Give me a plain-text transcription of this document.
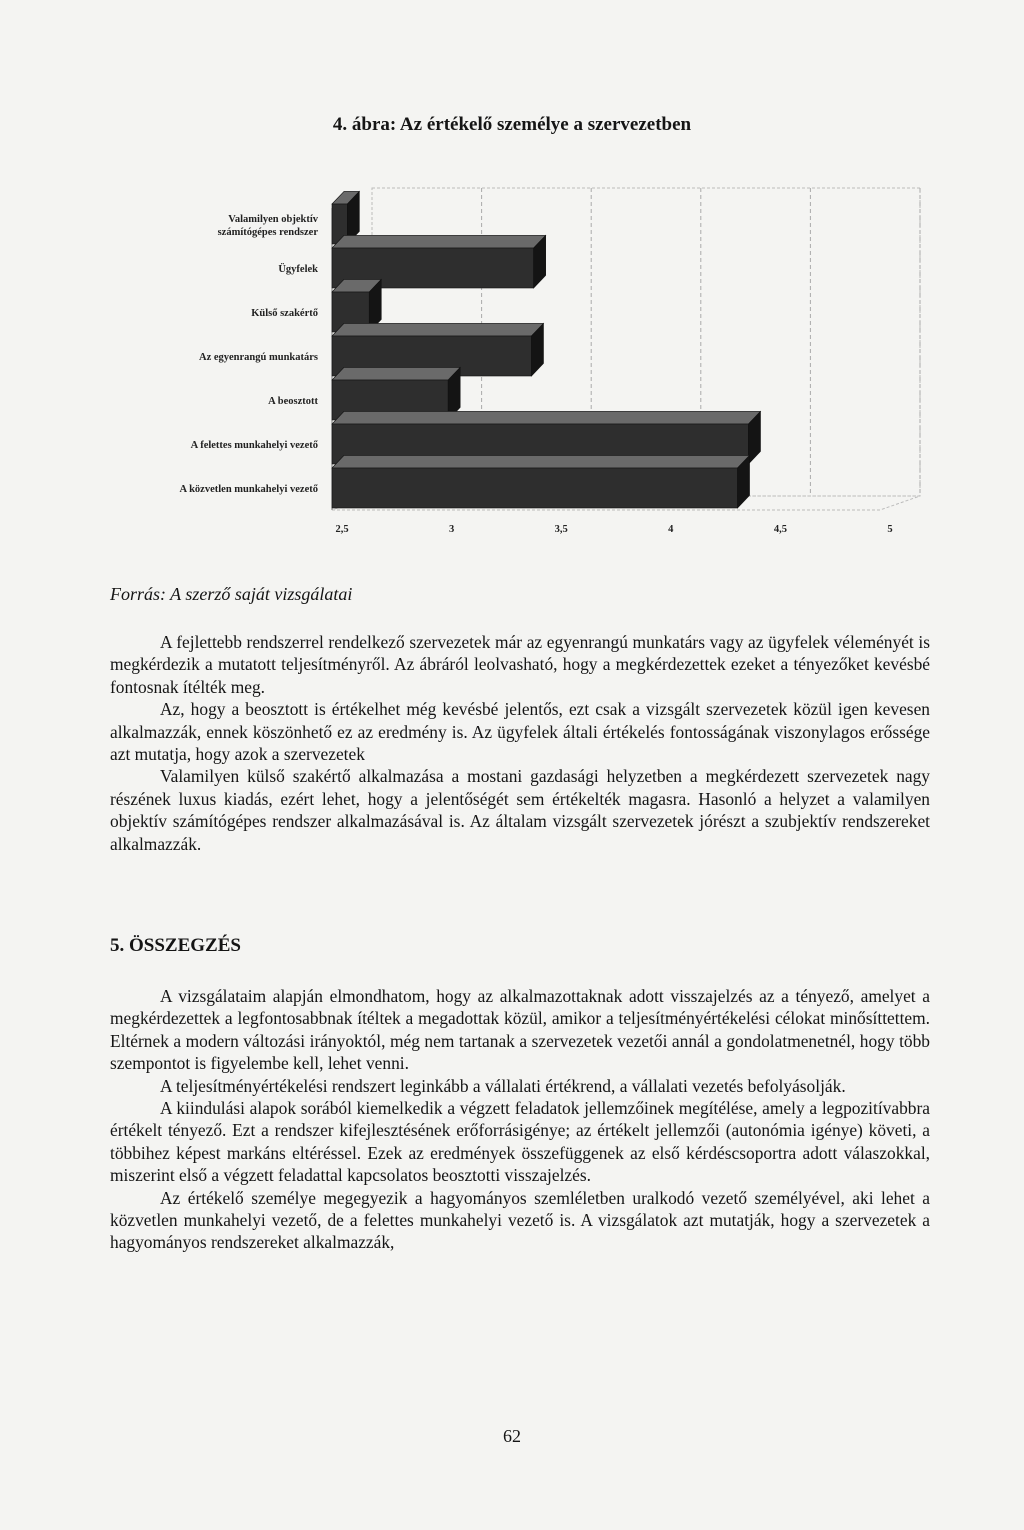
4. ábra: Az értékelő személye a szervezetben
Valamilyen objektív számítógépes rendszer
Ügyfelek
Külső szakértő
Az egyenrangú munkatárs
A beosztott
A felettes munkahelyi vezető
A közvetlen munkahelyi vezető
2,5	3	3,5	4	4,5	5
Forrás: A szerző saját vizsgálatai

A fejlettebb rendszerrel rendelkező szervezetek már az egyenrangú munkatárs vagy az ügyfelek véleményét is megkérdezik a mutatott teljesítményről. Az ábráról leolvasható, hogy a megkérdezettek ezeket a tényezőket kevésbé fontosnak ítélték meg.

Az, hogy a beosztott is értékelhet még kevésbé jelentős, ezt csak a vizsgált szervezetek közül igen kevesen alkalmazzák, ennek köszönhető ez az eredmény is. Az ügyfelek általi értékelés fontosságának viszonylagos erőssége azt mutatja, hogy azok a szervezetek

Valamilyen külső szakértő alkalmazása a mostani gazdasági helyzetben a megkérdezett szervezetek nagy részének luxus kiadás, ezért lehet, hogy a jelentőségét sem értékelték magasra. Hasonló a helyzet a valamilyen objektív számítógépes rendszer alkalmazásával is. Az általam vizsgált szervezetek jórészt a szubjektív rendszereket alkalmazzák.

5. ÖSSZEGZÉS

A vizsgálataim alapján elmondhatom, hogy az alkalmazottaknak adott visszajelzés az a tényező, amelyet a megkérdezettek a legfontosabbnak ítéltek a megadottak közül, amikor a teljesítményértékelési célokat minősíttettem. Eltérnek a modern változási irányoktól, még nem tartanak a szervezetek vezetői annál a gondolatmenetnél, hogy több szempontot is figyelembe kell, lehet venni.

A teljesítményértékelési rendszert leginkább a vállalati értékrend, a vállalati vezetés befolyásolják.

A kiindulási alapok sorából kiemelkedik a végzett feladatok jellemzőinek megítélése, amely a legpozitívabbra értékelt tényező. Ezt a rendszer kifejlesztésének erőforrásigénye; az értékelt jellemzői (autonómia igénye) követi, a többihez képest markáns eltéréssel. Ezek az eredmények összefüggenek az első kérdéscsoportra adott válaszokkal, miszerint első a végzett feladattal kapcsolatos beosztotti visszajelzés.

Az értékelő személye megegyezik a hagyományos szemléletben uralkodó vezető személyével, aki lehet a közvetlen munkahelyi vezető, de a felettes munkahelyi vezető is. A vizsgálatok azt mutatják, hogy a szervezetek a hagyományos rendszereket alkalmazzák,

62
